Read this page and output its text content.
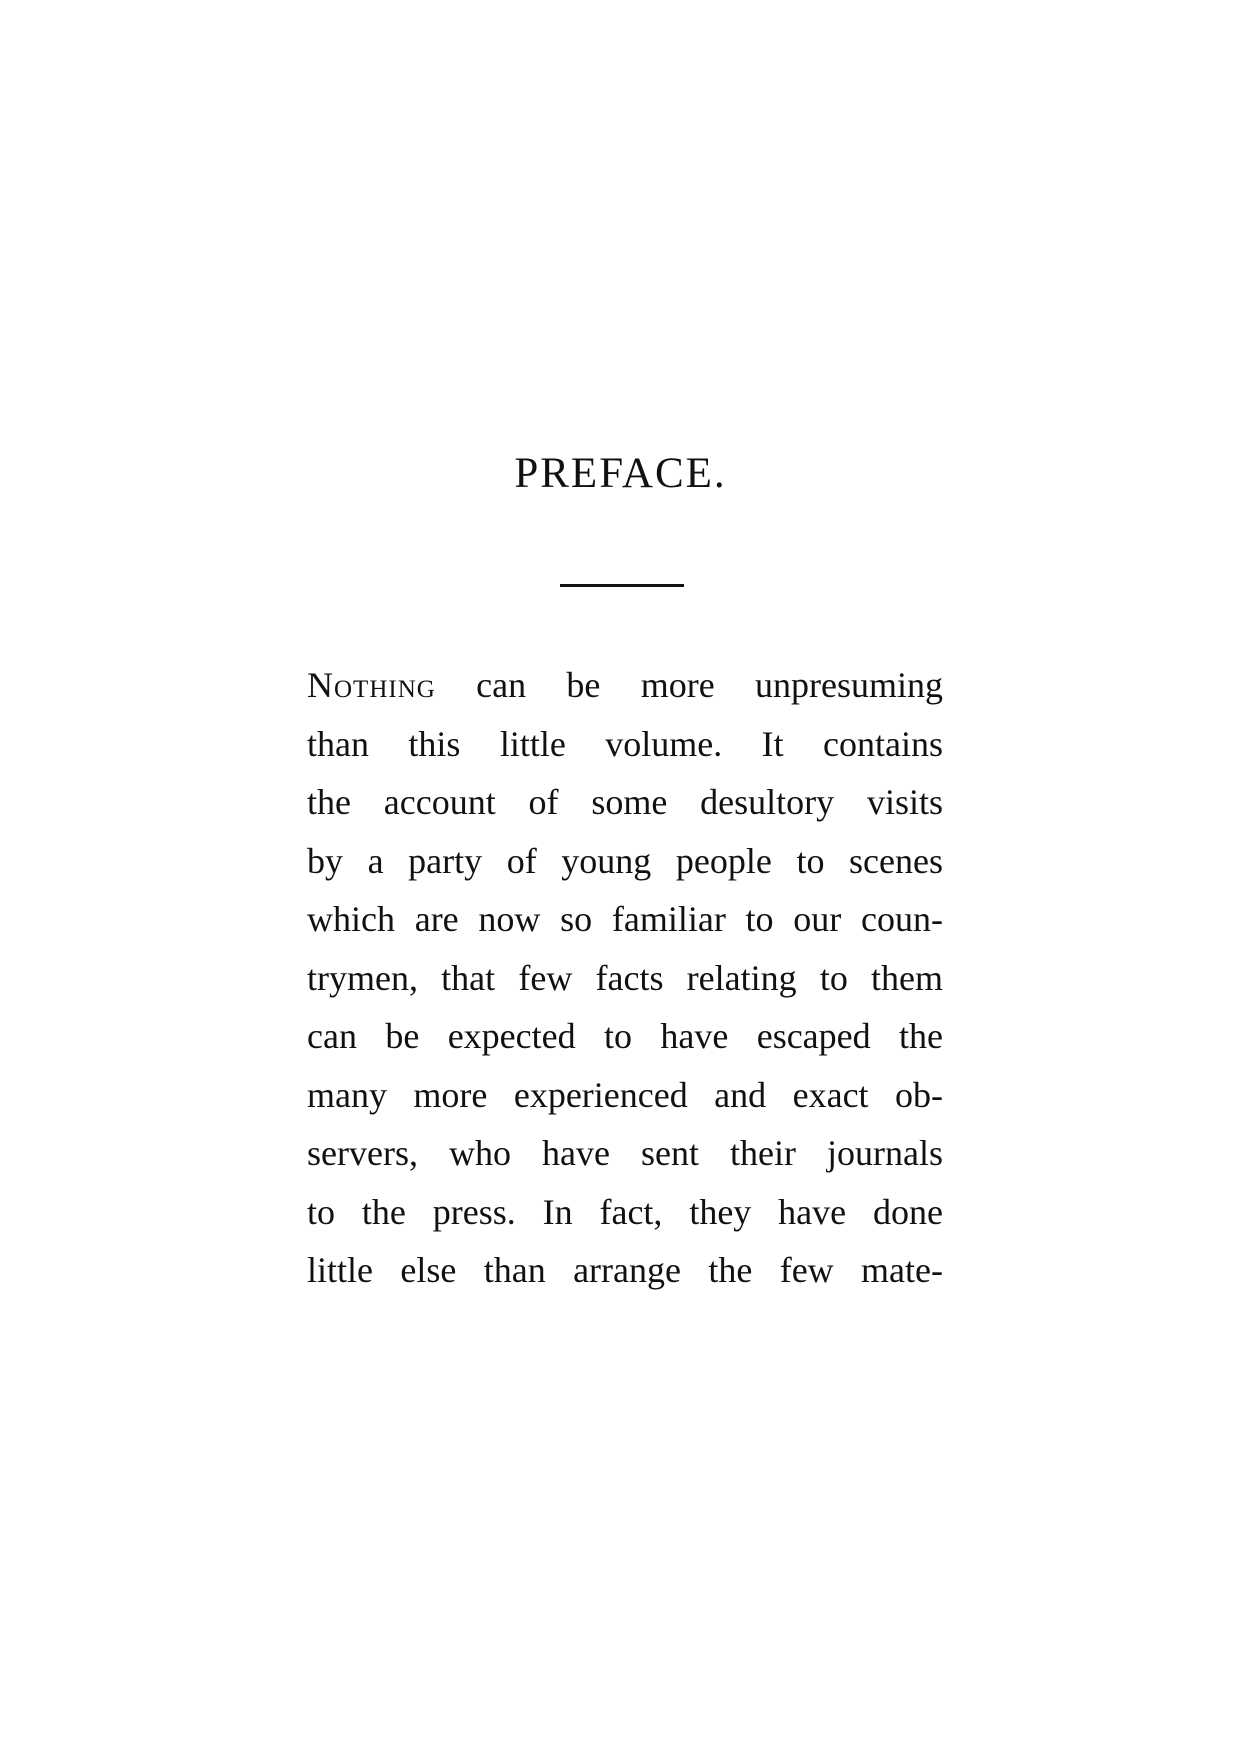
PREFACE.
Nothing can be more unpresuming
than this little volume. It contains
the account of some desultory visits
by a party of young people to scenes
which are now so familiar to our coun-
trymen, that few facts relating to them
can be expected to have escaped the
many more experienced and exact ob-
servers, who have sent their journals
to the press. In fact, they have done
little else than arrange the few mate-
